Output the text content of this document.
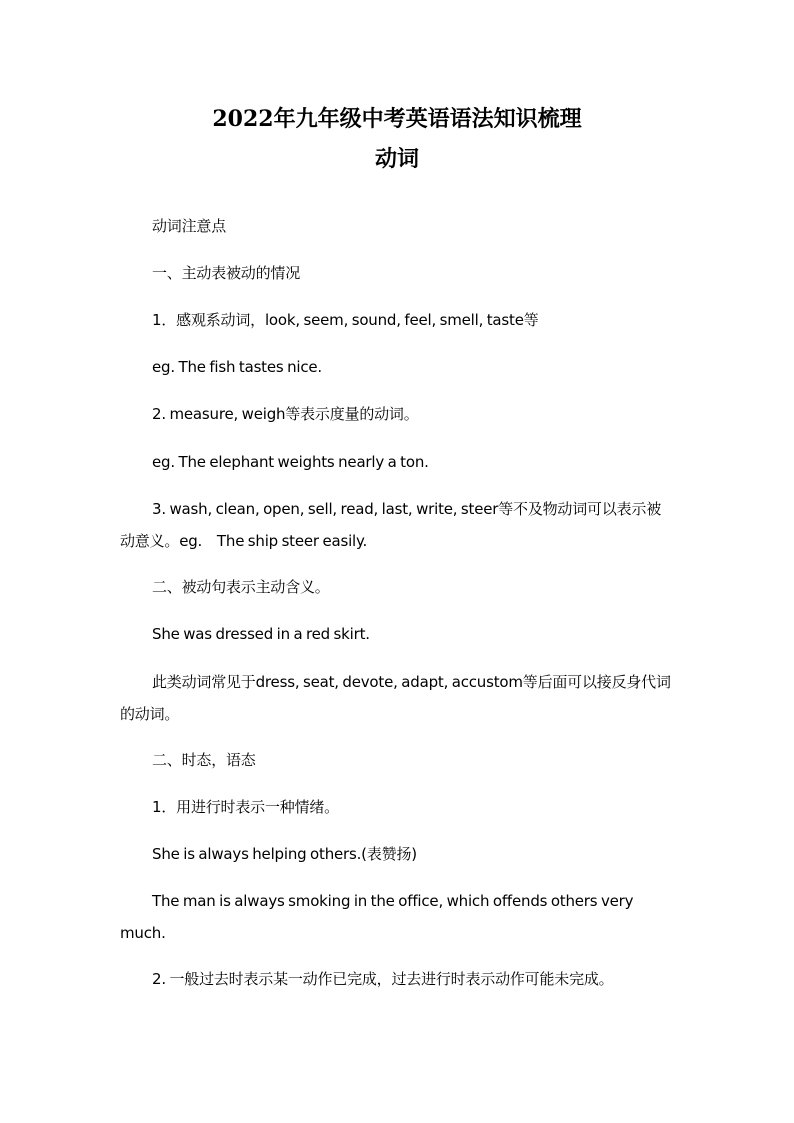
2022年九年级中考英语语法知识梳理
动词

动词注意点

一、主动表被动的情况

1．感观系动词，look, seem, sound, feel, smell, taste等

eg. The fish tastes nice.

2. measure, weigh等表示度量的动词。

eg. The elephant weights nearly a ton.

3. wash, clean, open, sell, read, last, write, steer等不及物动词可以表示被动意义。eg.　The ship steer easily.

二、被动句表示主动含义。

She was dressed in a red skirt.

此类动词常见于dress, seat, devote, adapt, accustom等后面可以接反身代词的动词。

二、时态，语态

1．用进行时表示一种情绪。

She is always helping others.(表赞扬)

The man is always smoking in the office, which offends others very much.

2. 一般过去时表示某一动作已完成，过去进行时表示动作可能未完成。
